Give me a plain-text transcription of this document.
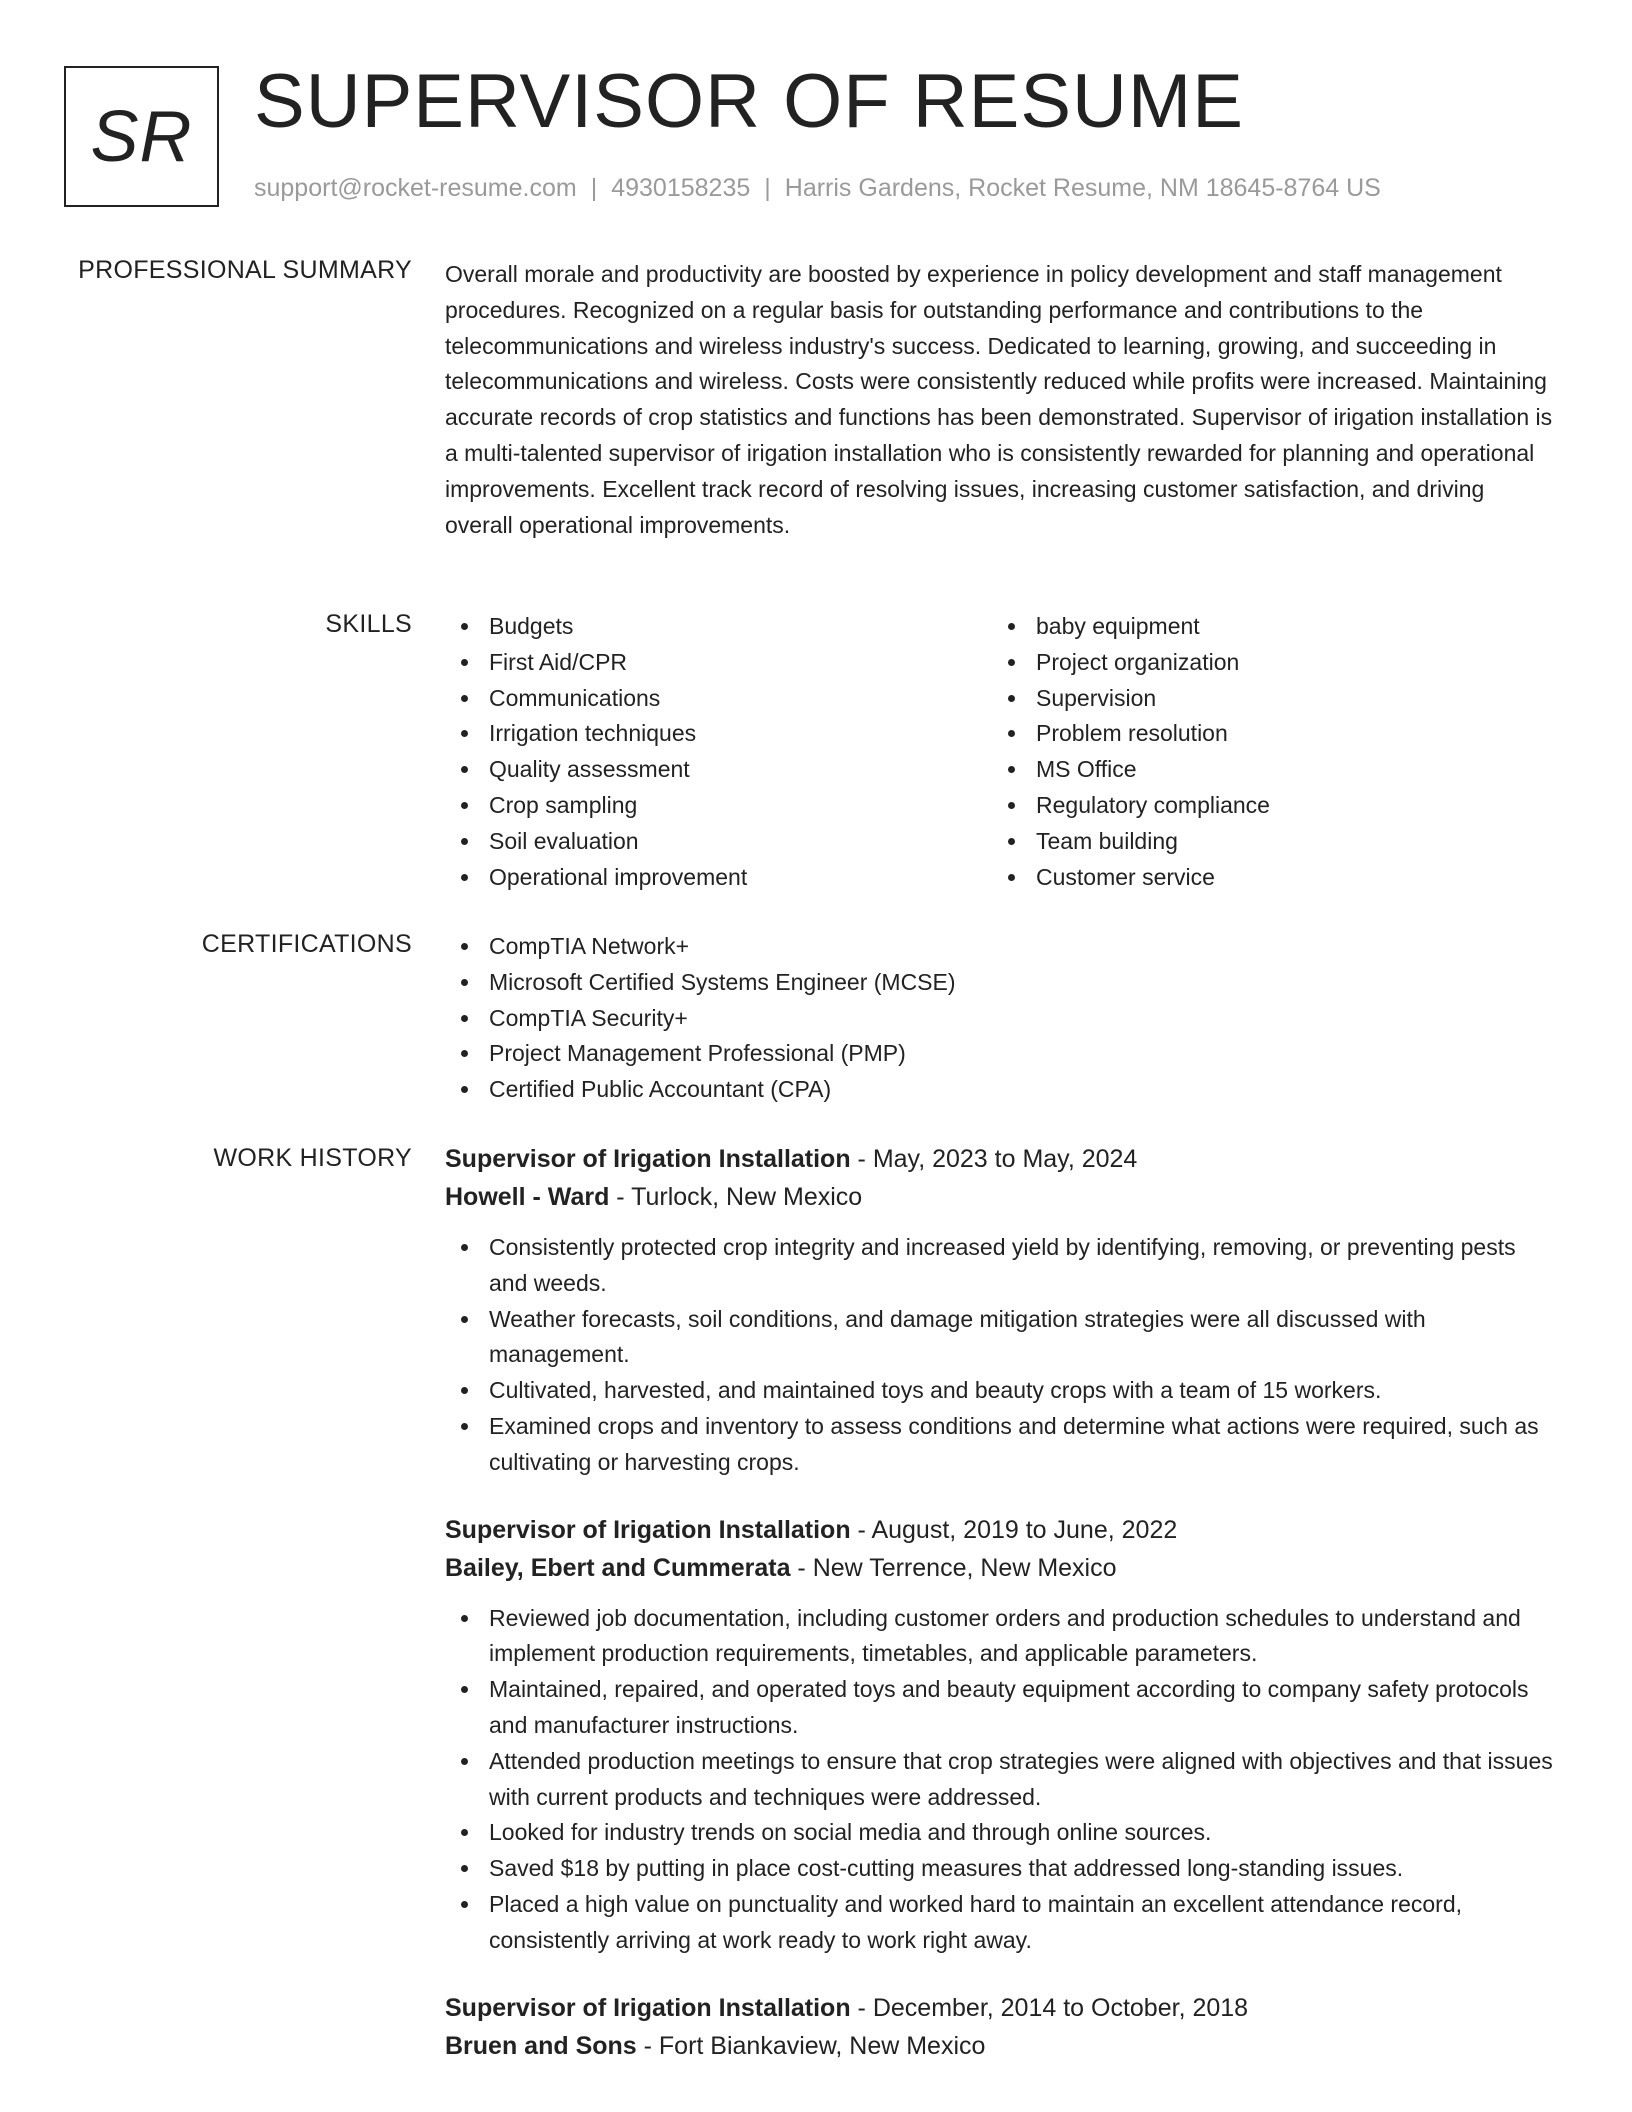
SR SUPERVISOR OF RESUME
support@rocket-resume.com | 4930158235 | Harris Gardens, Rocket Resume, NM 18645-8764 US
PROFESSIONAL SUMMARY Overall morale and productivity are boosted by experience in policy development and staff management procedures. Recognized on a regular basis for outstanding performance and contributions to the telecommunications and wireless industry's success. Dedicated to learning, growing, and succeeding in telecommunications and wireless. Costs were consistently reduced while profits were increased. Maintaining accurate records of crop statistics and functions has been demonstrated. Supervisor of irigation installation is a multi-talented supervisor of irigation installation who is consistently rewarded for planning and operational improvements. Excellent track record of resolving issues, increasing customer satisfaction, and driving overall operational improvements.

SKILLS	Budgets
First Aid/CPR
Communications
Irrigation techniques
Quality assessment
Crop sampling
Soil evaluation
Operational improvement
baby equipment
Project organization
Supervision
Problem resolution
MS Office
Regulatory compliance
Team building
Customer service
CERTIFICATIONS	CompTIA Network+
Microsoft Certified Systems Engineer (MCSE)
CompTIA Security+
Project Management Professional (PMP)
Certified Public Accountant (CPA)
WORK HISTORY Supervisor of Irigation Installation - May, 2023 to May, 2024
Howell - Ward - Turlock, New Mexico
Consistently protected crop integrity and increased yield by identifying, removing, or preventing pests and weeds.
Weather forecasts, soil conditions, and damage mitigation strategies were all discussed with management.
Cultivated, harvested, and maintained toys and beauty crops with a team of 15 workers.
Examined crops and inventory to assess conditions and determine what actions were required, such as cultivating or harvesting crops.
Supervisor of Irigation Installation - August, 2019 to June, 2022
Bailey, Ebert and Cummerata - New Terrence, New Mexico
Reviewed job documentation, including customer orders and production schedules to understand and implement production requirements, timetables, and applicable parameters.
Maintained, repaired, and operated toys and beauty equipment according to company safety protocols and manufacturer instructions.
Attended production meetings to ensure that crop strategies were aligned with objectives and that issues with current products and techniques were addressed.
Looked for industry trends on social media and through online sources.
Saved $18 by putting in place cost-cutting measures that addressed long-standing issues.
Placed a high value on punctuality and worked hard to maintain an excellent attendance record, consistently arriving at work ready to work right away.
Supervisor of Irigation Installation - December, 2014 to October, 2018
Bruen and Sons - Fort Biankaview, New Mexico
